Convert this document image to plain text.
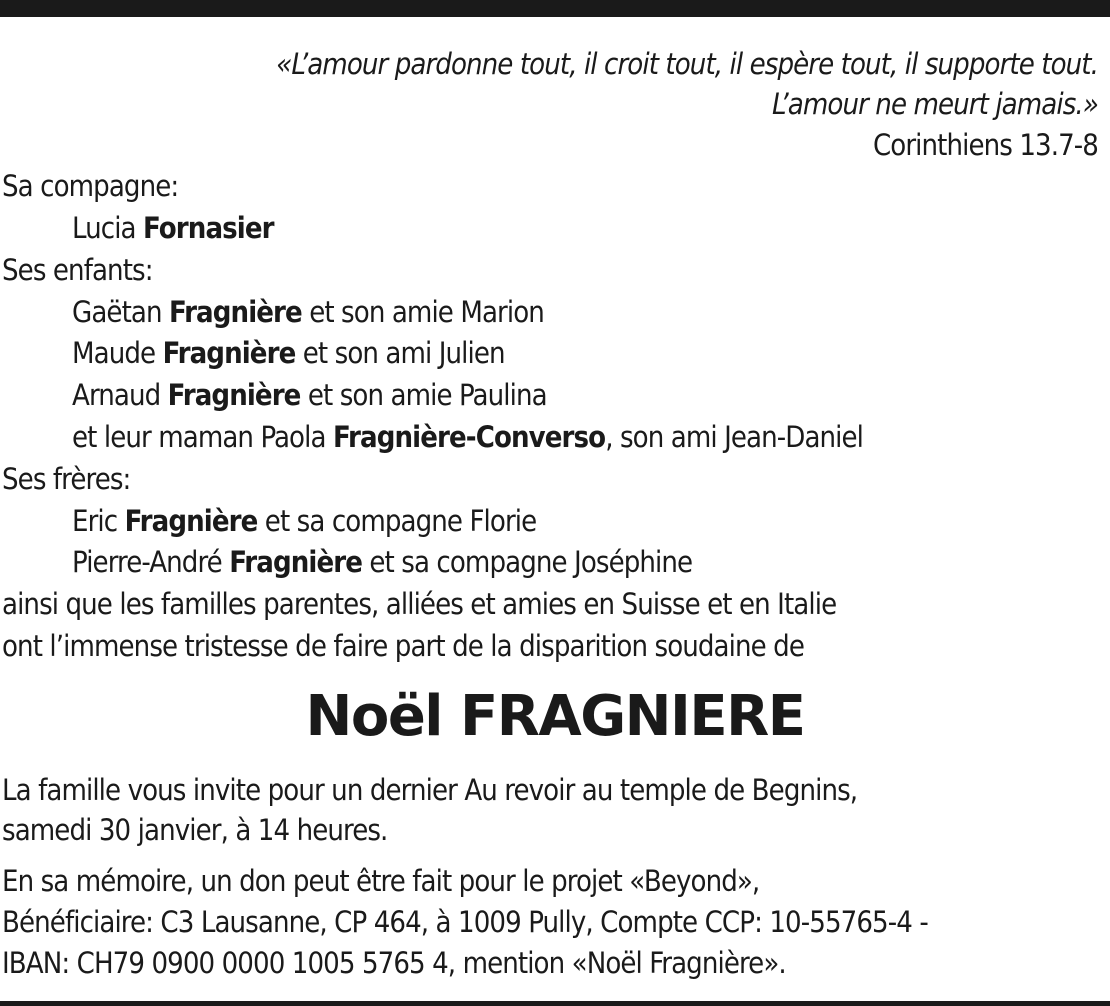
«L’amour pardonne tout, il croit tout, il espère tout, il supporte tout.
L’amour ne meurt jamais.»
Corinthiens 13.7-8
Sa compagne:
Lucia Fornasier
Ses enfants:
Gaëtan Fragnière et son amie Marion
Maude Fragnière et son ami Julien
Arnaud Fragnière et son amie Paulina
et leur maman Paola Fragnière-Converso, son ami Jean-Daniel
Ses frères:
Eric Fragnière et sa compagne Florie
Pierre-André Fragnière et sa compagne Joséphine
ainsi que les familles parentes, alliées et amies en Suisse et en Italie
ont l’immense tristesse de faire part de la disparition soudaine de
Noël FRAGNIERE
La famille vous invite pour un dernier Au revoir au temple de Begnins,
samedi 30 janvier, à 14 heures.
En sa mémoire, un don peut être fait pour le projet «Beyond»,
Bénéficiaire: C3 Lausanne, CP 464, à 1009 Pully, Compte CCP: 10-55765-4 -
IBAN: CH79 0900 0000 1005 5765 4, mention «Noël Fragnière».
